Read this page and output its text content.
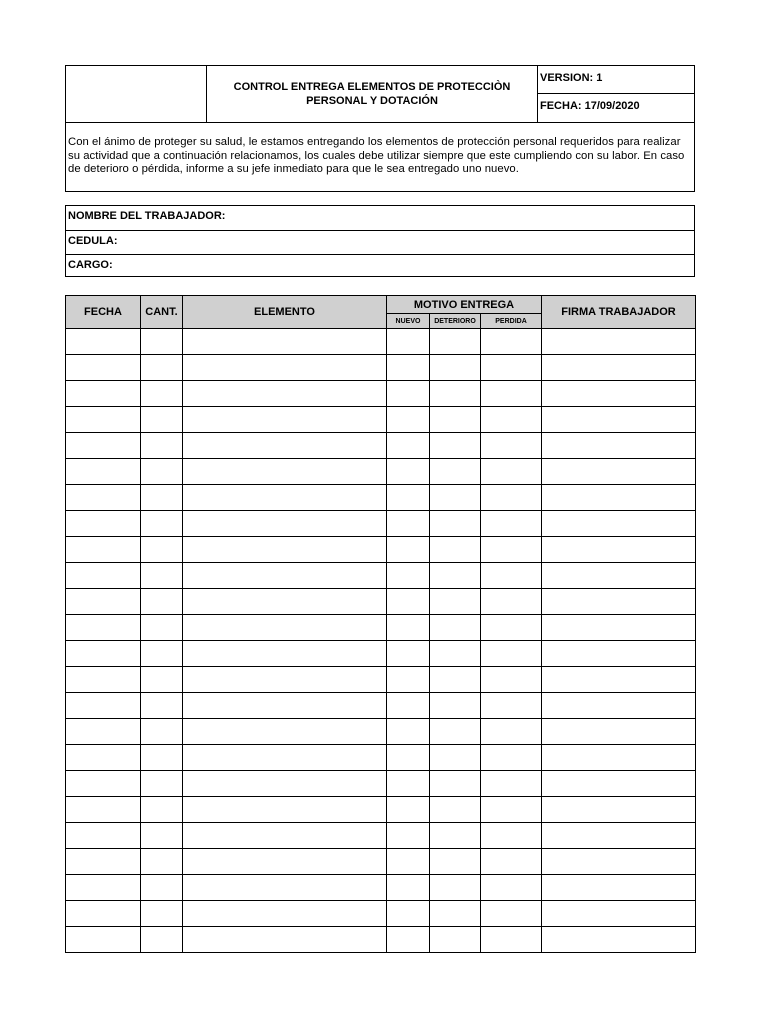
CONTROL ENTREGA ELEMENTOS DE PROTECCIÒN
PERSONAL Y DOTACIÓN
VERSION: 1
FECHA: 17/09/2020
Con el ánimo de proteger su salud, le estamos entregando los elementos de protección personal requeridos para realizar su actividad que a continuación relacionamos, los cuales debe utilizar siempre que este cumpliendo con su labor. En caso de deterioro o pérdida, informe a su jefe inmediato para que le sea entregado uno nuevo.
NOMBRE DEL TRABAJADOR:
CEDULA:
CARGO:
FECHA	CANT.	ELEMENTO	MOTIVO ENTREGA			FIRMA TRABAJADOR
			NUEVO	DETERIORO	PERDIDA	
